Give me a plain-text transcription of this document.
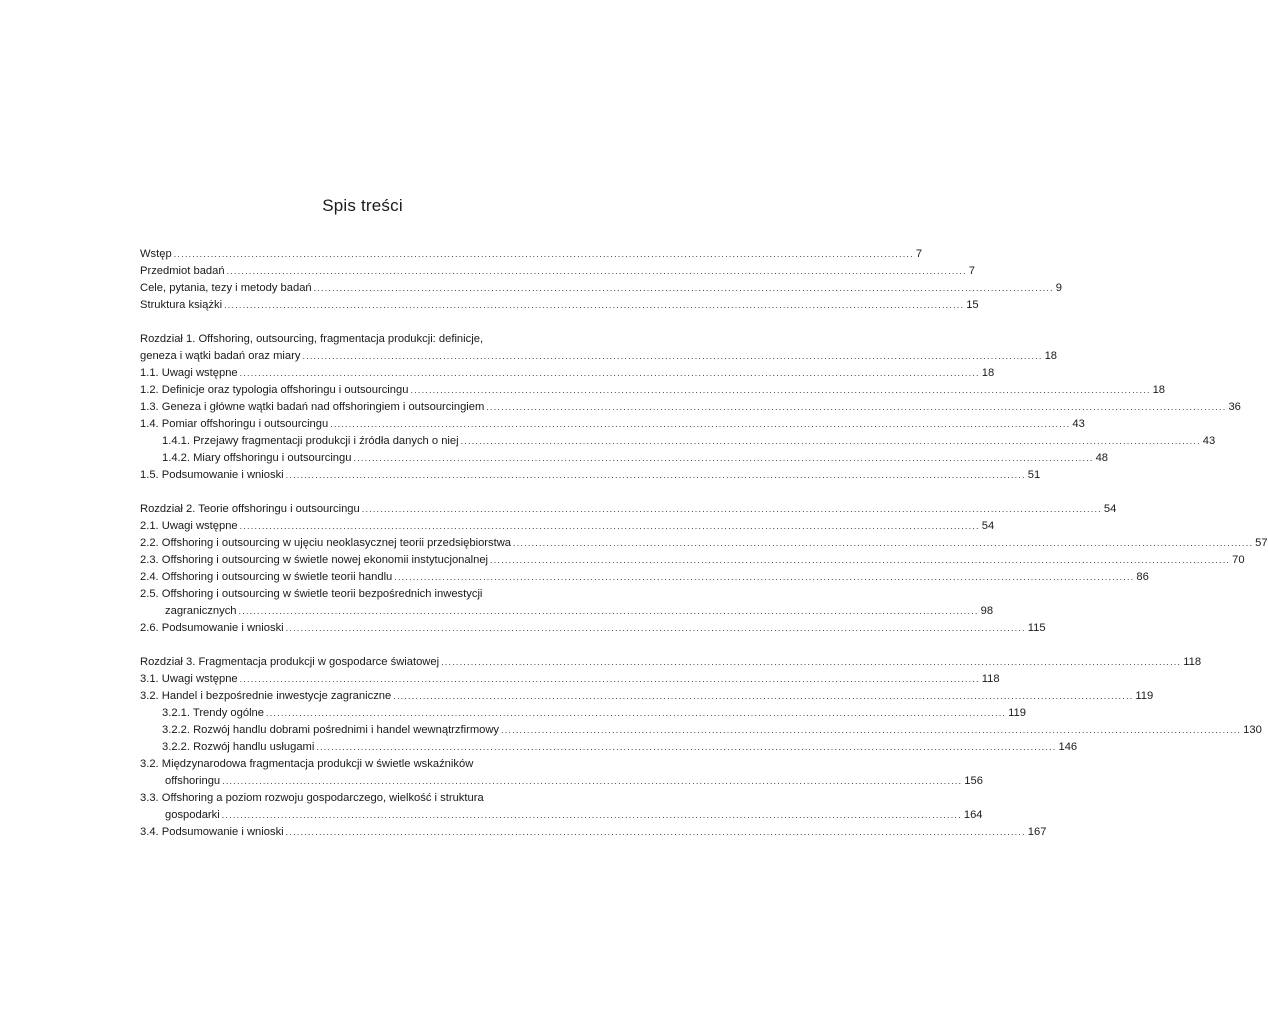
Spis treści
Wstęp ........................................................................................................................................................................................................ 7
Przedmiot badań ........................................................................................................................................................................................................ 7
Cele, pytania, tezy i metody badań ........................................................................................................................................................................................................ 9
Struktura książki ........................................................................................................................................................................................................ 15
Rozdział 1. Offshoring, outsourcing, fragmentacja produkcji: definicje,
geneza i wątki badań oraz miary ........................................................................................................................................................................................................ 18
1.1. Uwagi wstępne ........................................................................................................................................................................................................ 18
1.2. Definicje oraz typologia offshoringu i outsourcingu ........................................................................................................................................................................................................ 18
1.3. Geneza i główne wątki badań nad offshoringiem i outsourcingiem ........................................................................................................................................................................................................ 36
1.4. Pomiar offshoringu i outsourcingu ........................................................................................................................................................................................................ 43
1.4.1. Przejawy fragmentacji produkcji i źródła danych o niej ........................................................................................................................................................................................................ 43
1.4.2. Miary offshoringu i outsourcingu ........................................................................................................................................................................................................ 48
1.5. Podsumowanie i wnioski ........................................................................................................................................................................................................ 51
Rozdział 2. Teorie offshoringu i outsourcingu ........................................................................................................................................................................................................ 54
2.1. Uwagi wstępne ........................................................................................................................................................................................................ 54
2.2. Offshoring i outsourcing w ujęciu neoklasycznej teorii przedsiębiorstwa ........................................................................................................................................................................................................ 57
2.3. Offshoring i outsourcing w świetle nowej ekonomii instytucjonalnej ........................................................................................................................................................................................................ 70
2.4. Offshoring i outsourcing w świetle teorii handlu ........................................................................................................................................................................................................ 86
2.5. Offshoring i outsourcing w świetle teorii bezpośrednich inwestycji
zagranicznych ........................................................................................................................................................................................................ 98
2.6. Podsumowanie i wnioski ........................................................................................................................................................................................................ 115
Rozdział 3. Fragmentacja produkcji w gospodarce światowej ........................................................................................................................................................................................................ 118
3.1. Uwagi wstępne ........................................................................................................................................................................................................ 118
3.2. Handel i bezpośrednie inwestycje zagraniczne ........................................................................................................................................................................................................ 119
3.2.1. Trendy ogólne ........................................................................................................................................................................................................ 119
3.2.2. Rozwój handlu dobrami pośrednimi i handel wewnątrzfirmowy ........................................................................................................................................................................................................ 130
3.2.2. Rozwój handlu usługami ........................................................................................................................................................................................................ 146
3.2. Międzynarodowa fragmentacja produkcji w świetle wskaźników
offshoringu ........................................................................................................................................................................................................ 156
3.3. Offshoring a poziom rozwoju gospodarczego, wielkość i struktura
gospodarki ........................................................................................................................................................................................................ 164
3.4. Podsumowanie i wnioski ........................................................................................................................................................................................................ 167
